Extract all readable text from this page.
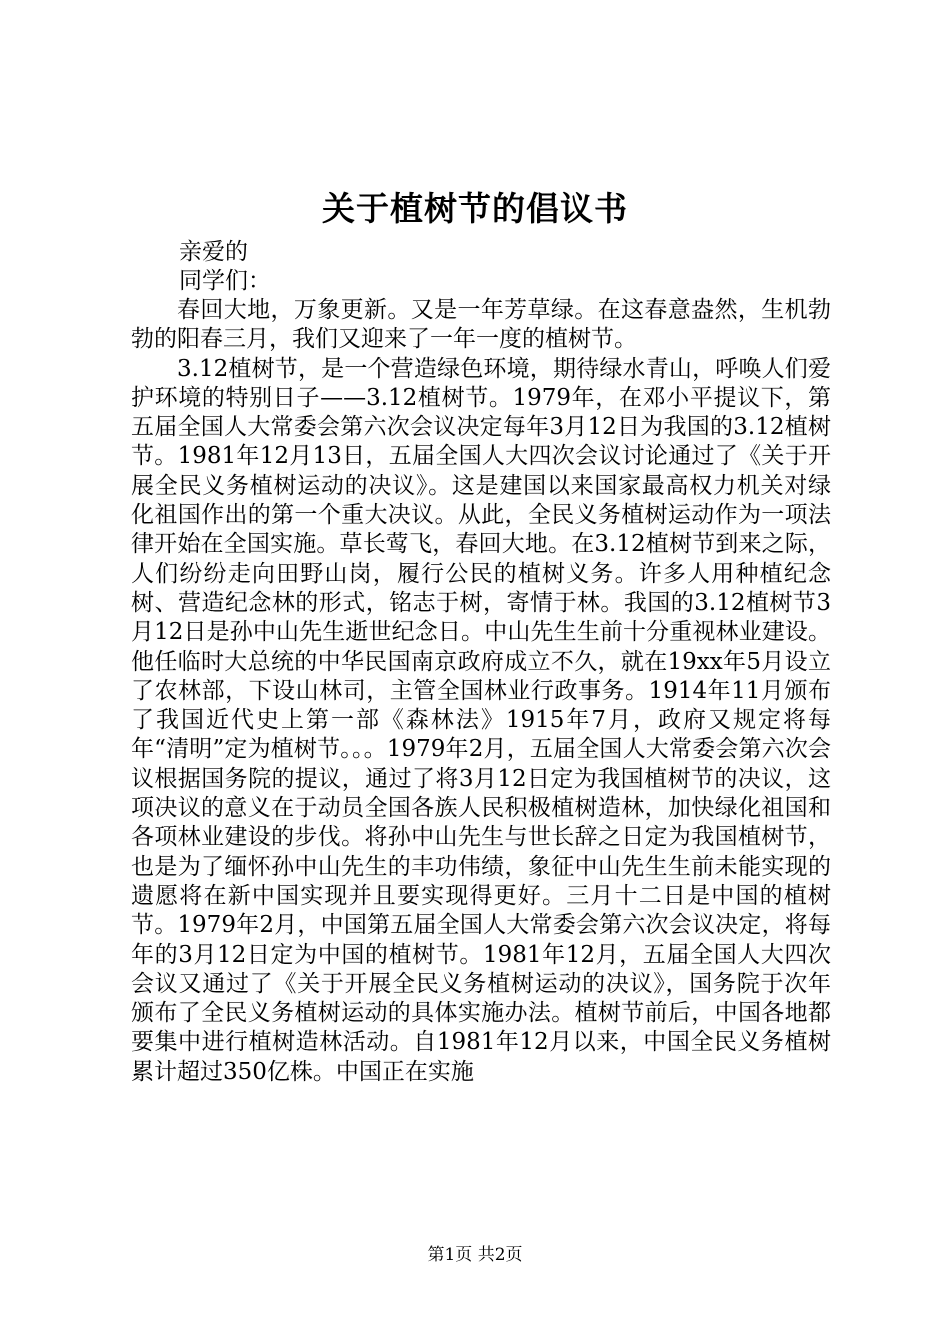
关于植树节的倡议书

亲爱的

同学们：

春回大地，万象更新。又是一年芳草绿。在这春意盎然，生机勃勃的阳春三月，我们又迎来了一年一度的植树节。

3.12植树节，是一个营造绿色环境，期待绿水青山，呼唤人们爱护环境的特别日子——3.12植树节。1979年，在邓小平提议下，第五届全国人大常委会第六次会议决定每年3月12日为我国的3.12植树节。1981年12月13日，五届全国人大四次会议讨论通过了《关于开展全民义务植树运动的决议》。这是建国以来国家最高权力机关对绿化祖国作出的第一个重大决议。从此，全民义务植树运动作为一项法律开始在全国实施。草长莺飞，春回大地。在3.12植树节到来之际，人们纷纷走向田野山岗，履行公民的植树义务。许多人用种植纪念树、营造纪念林的形式，铭志于树，寄情于林。我国的3.12植树节3月12日是孙中山先生逝世纪念日。中山先生生前十分重视林业建设。他任临时大总统的中华民国南京政府成立不久，就在19xx年5月设立了农林部，下设山林司，主管全国林业行政事务。1914年11月颁布了我国近代史上第一部《森林法》1915年7月，政府又规定将每年“清明”定为植树节。。。1979年2月，五届全国人大常委会第六次会议根据国务院的提议，通过了将3月12日定为我国植树节的决议，这项决议的意义在于动员全国各族人民积极植树造林，加快绿化祖国和各项林业建设的步伐。将孙中山先生与世长辞之日定为我国植树节，也是为了缅怀孙中山先生的丰功伟绩，象征中山先生生前未能实现的遗愿将在新中国实现并且要实现得更好。三月十二日是中国的植树节。1979年2月，中国第五届全国人大常委会第六次会议决定，将每年的3月12日定为中国的植树节。1981年12月，五届全国人大四次会议又通过了《关于开展全民义务植树运动的决议》，国务院于次年颁布了全民义务植树运动的具体实施办法。植树节前后，中国各地都要集中进行植树造林活动。自1981年12月以来，中国全民义务植树累计超过350亿株。中国正在实施

第1页 共2页
